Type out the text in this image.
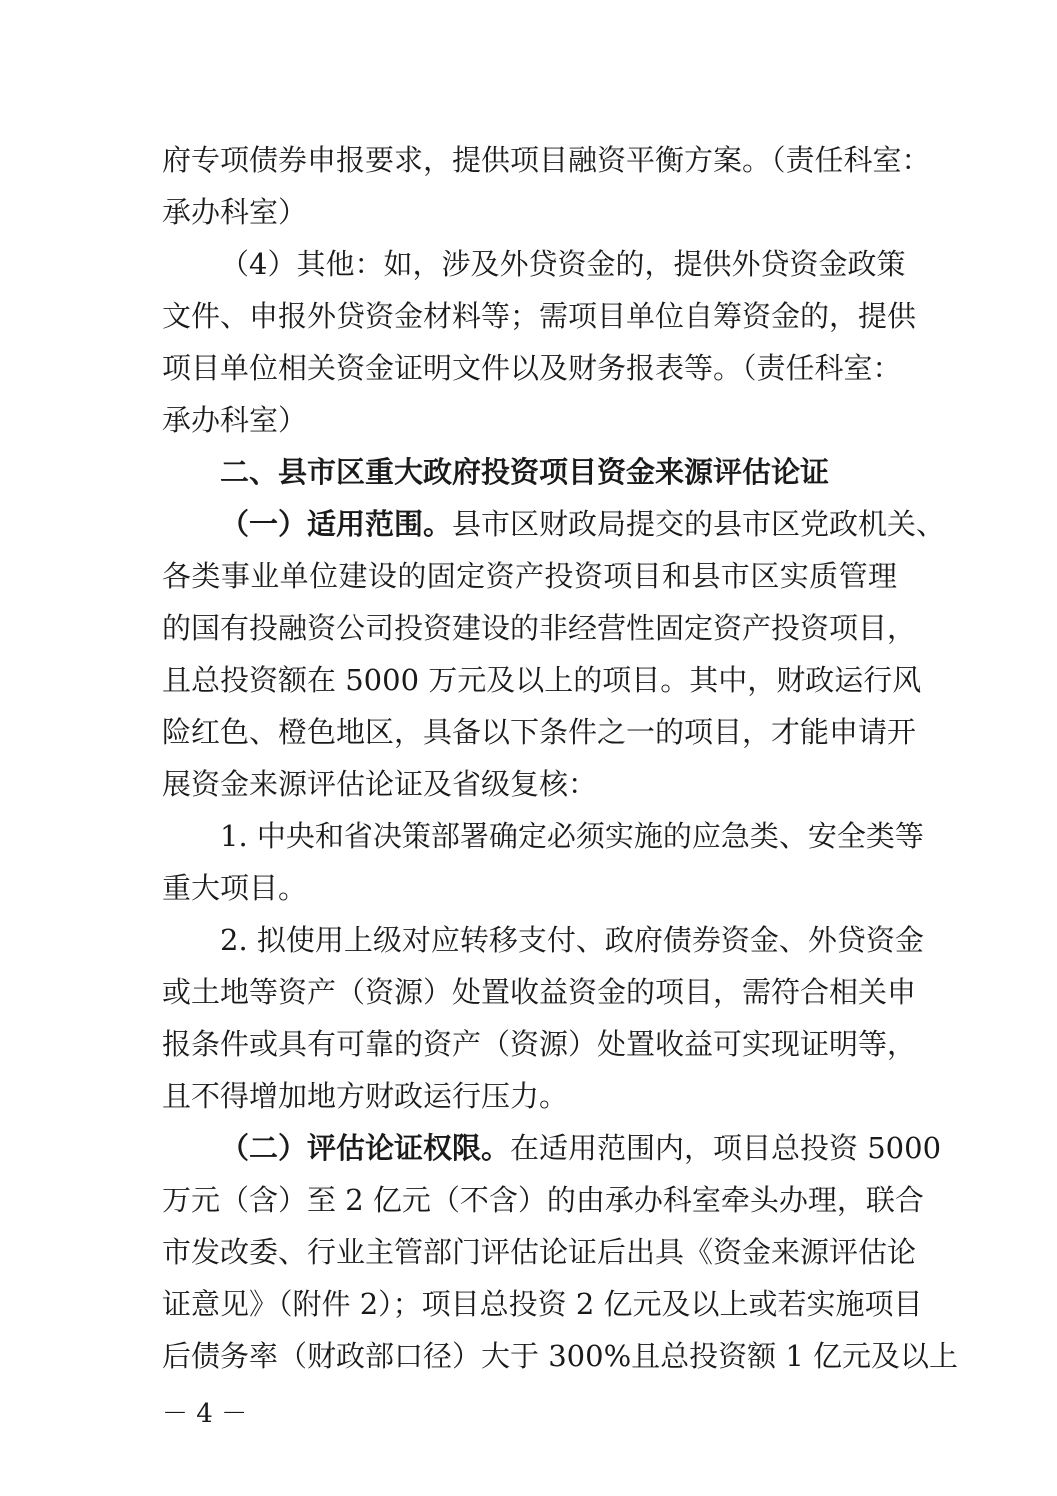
府专项债券申报要求，提供项目融资平衡方案。（责任科室：
承办科室）
（4）其他：如，涉及外贷资金的，提供外贷资金政策
文件、申报外贷资金材料等；需项目单位自筹资金的，提供
项目单位相关资金证明文件以及财务报表等。（责任科室：
承办科室）
二、县市区重大政府投资项目资金来源评估论证
（一）适用范围。县市区财政局提交的县市区党政机关、
各类事业单位建设的固定资产投资项目和县市区实质管理
的国有投融资公司投资建设的非经营性固定资产投资项目，
且总投资额在 5000 万元及以上的项目。其中，财政运行风
险红色、橙色地区，具备以下条件之一的项目，才能申请开
展资金来源评估论证及省级复核：
1. 中央和省决策部署确定必须实施的应急类、安全类等
重大项目。
2. 拟使用上级对应转移支付、政府债券资金、外贷资金
或土地等资产（资源）处置收益资金的项目，需符合相关申
报条件或具有可靠的资产（资源）处置收益可实现证明等，
且不得增加地方财政运行压力。
（二）评估论证权限。在适用范围内，项目总投资 5000
万元（含）至 2 亿元（不含）的由承办科室牵头办理，联合
市发改委、行业主管部门评估论证后出具《资金来源评估论
证意见》（附件 2）；项目总投资 2 亿元及以上或若实施项目
后债务率（财政部口径）大于 300%且总投资额 1 亿元及以上
－ 4 －
